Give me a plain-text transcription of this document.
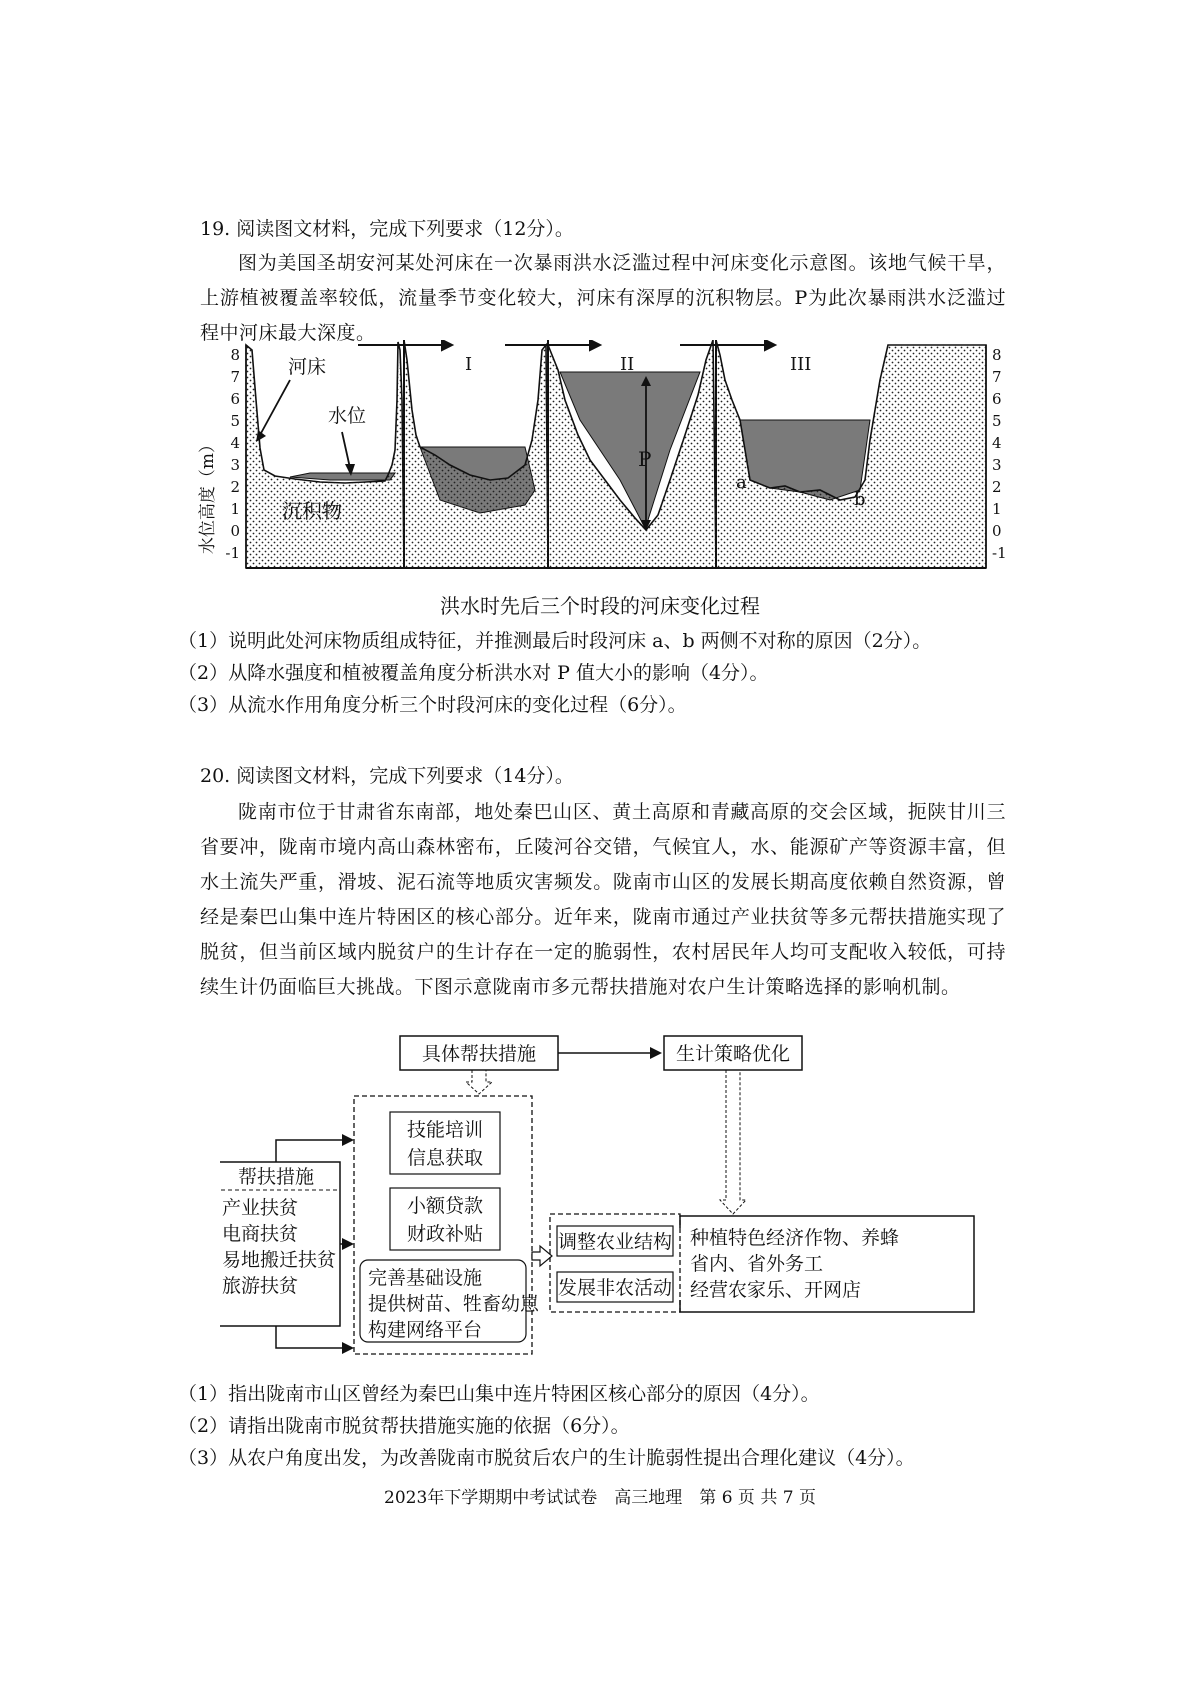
19. 阅读图文材料，完成下列要求（12分）。
图为美国圣胡安河某处河床在一次暴雨洪水泛滥过程中河床变化示意图。该地气候干旱，上游植被覆盖率较低，流量季节变化较大，河床有深厚的沉积物层。P为此次暴雨洪水泛滥过程中河床最大深度。
水位高度（m）
8
7
6
5
4
3
2
1
0
-1
8
7
6
5
4
3
2
1
0
-1
河床
水位
沉积物
I	II	III
P
a
b
洪水时先后三个时段的河床变化过程
（1）说明此处河床物质组成特征，并推测最后时段河床 a、b 两侧不对称的原因（2分）。
（2）从降水强度和植被覆盖角度分析洪水对 P 值大小的影响（4分）。
（3）从流水作用角度分析三个时段河床的变化过程（6分）。
20. 阅读图文材料，完成下列要求（14分）。
陇南市位于甘肃省东南部，地处秦巴山区、黄土高原和青藏高原的交会区域，扼陕甘川三省要冲，陇南市境内高山森林密布，丘陵河谷交错，气候宜人，水、能源矿产等资源丰富，但水土流失严重，滑坡、泥石流等地质灾害频发。陇南市山区的发展长期高度依赖自然资源，曾经是秦巴山集中连片特困区的核心部分。近年来，陇南市通过产业扶贫等多元帮扶措施实现了脱贫，但当前区域内脱贫户的生计存在一定的脆弱性，农村居民年人均可支配收入较低，可持续生计仍面临巨大挑战。下图示意陇南市多元帮扶措施对农户生计策略选择的影响机制。
具体帮扶措施	生计策略优化
技能培训
信息获取
小额贷款
财政补贴
完善基础设施
提供树苗、牲畜幼崽
构建网络平台
帮扶措施
产业扶贫
电商扶贫
易地搬迁扶贫
旅游扶贫
调整农业结构
发展非农活动
种植特色经济作物、养蜂
省内、省外务工
经营农家乐、开网店
（1）指出陇南市山区曾经为秦巴山集中连片特困区核心部分的原因（4分）。
（2）请指出陇南市脱贫帮扶措施实施的依据（6分）。
（3）从农户角度出发，为改善陇南市脱贫后农户的生计脆弱性提出合理化建议（4分）。
2023年下学期期中考试试卷　高三地理　第 6 页 共 7 页
